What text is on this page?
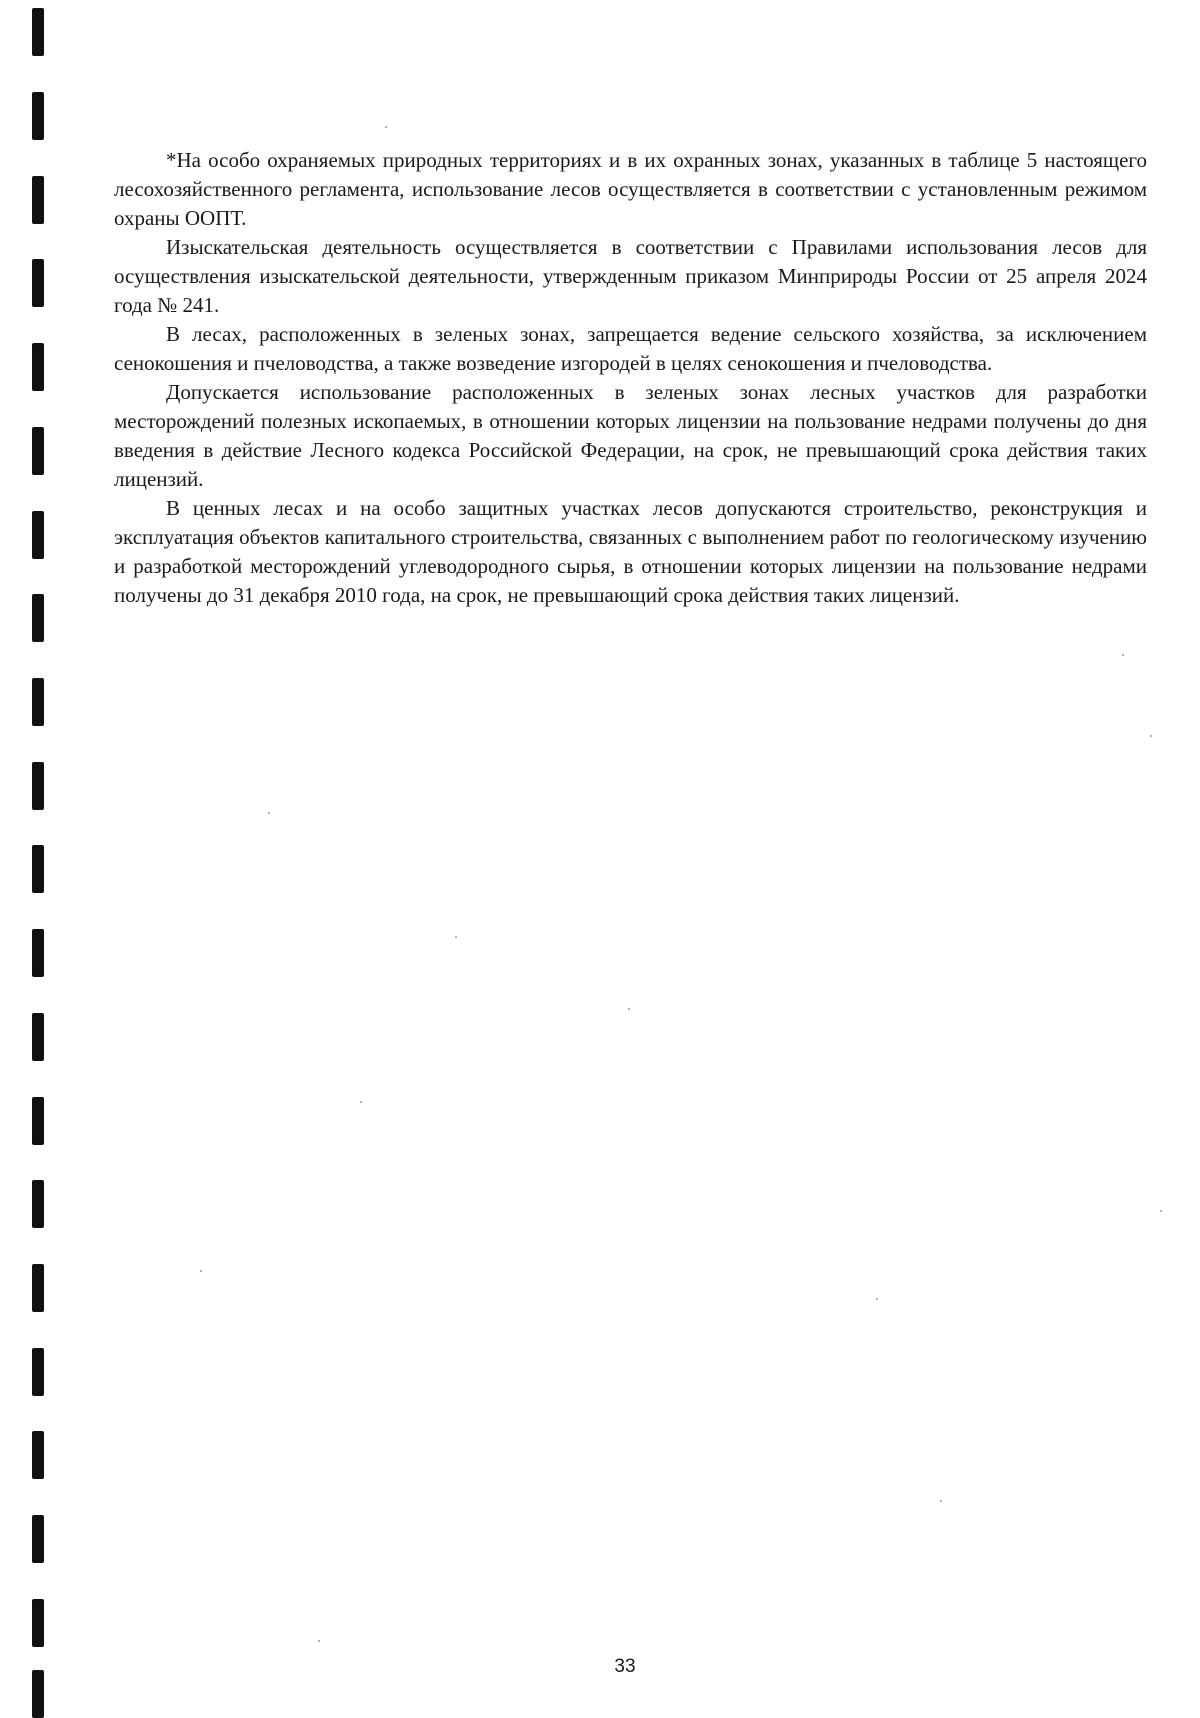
*На особо охраняемых природных территориях и в их охранных зонах, указанных в таблице 5 настоящего лесохозяйственного регламента, использование лесов осуществляется в соответствии с установленным режимом охраны ООПТ.

Изыскательская деятельность осуществляется в соответствии с Правилами использования лесов для осуществления изыскательской деятельности, утвержденным приказом Минприроды России от 25 апреля 2024 года № 241.

В лесах, расположенных в зеленых зонах, запрещается ведение сельского хозяйства, за исключением сенокошения и пчеловодства, а также возведение изгородей в целях сенокошения и пчеловодства.

Допускается использование расположенных в зеленых зонах лесных участков для разработки месторождений полезных ископаемых, в отношении которых лицензии на пользование недрами получены до дня введения в действие Лесного кодекса Российской Федерации, на срок, не превышающий срока действия таких лицензий.

В ценных лесах и на особо защитных участках лесов допускаются строительство, реконструкция и эксплуатация объектов капитального строительства, связанных с выполнением работ по геологическому изучению и разработкой месторождений углеводородного сырья, в отношении которых лицензии на пользование недрами получены до 31 декабря 2010 года, на срок, не превышающий срока действия таких лицензий.

33
